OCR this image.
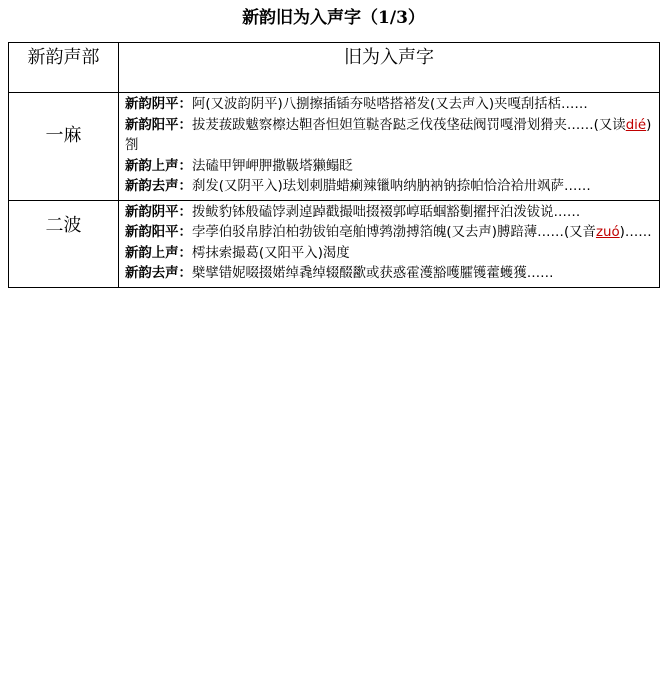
新韵旧为入声字（1/3）
新韵声部	旧为入声字
一麻	新韵阴平：阿(又波韵阴平)八捌擦插锸夯哒嗒搭褡发(又去声入)夹嘎刮括栝……
新韵阳平：拔茇菝跋魃察檫达靼沓怛妲笪鞑沓跶乏伐茷垡砝阀罚嘎滑划猾夹……(又读dié)劄
新韵上声：法磕甲钾岬胛撒靸塔獭鳎眨
新韵去声：刹发(又阴平入)珐划刺腊蜡瘌辣镴呐纳肭衲钠捺帕恰洽袷卅飒萨……

二波	新韵阴平：拨鲅豹钵般磕饽剥逴踔戳撮咄掇裰郭崞聒蝈豁劐擢抨泊泼钹说……
新韵阳平：孛荸伯驳帛脖泊柏勃钹铂亳舶博鹁渤搏箔魄(又去声)膊踣薄……(又音zuó)……
新韵上声：樗抹索撮葛(又阳平入)渴度
新韵去声：檗擘错妮啜掇婼绰毳绰辍醊歠或获惑霍濩豁嚄臛镬藿蠖獲……
